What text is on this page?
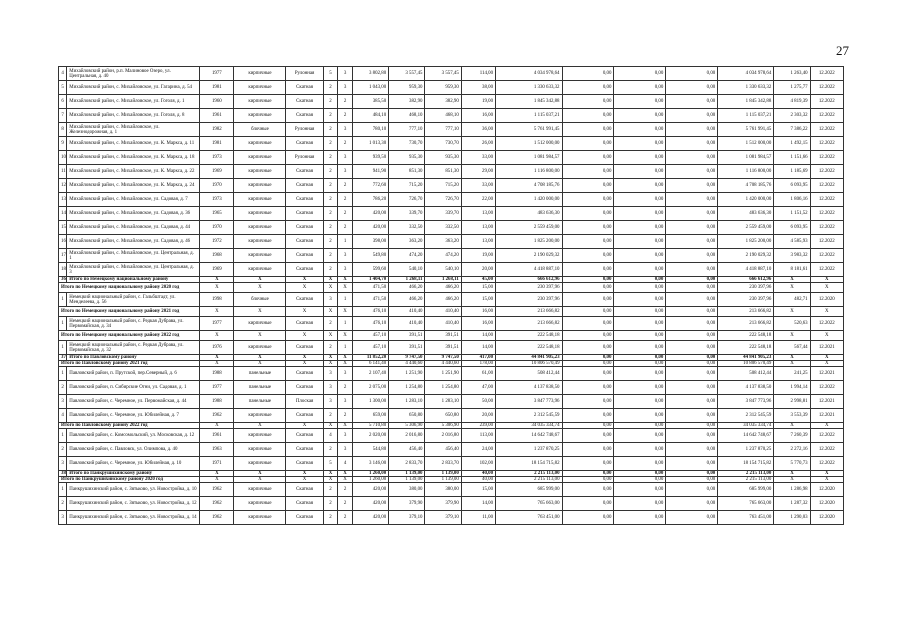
27
4	Михайловский район, р.п. Малиновое Озеро, ул. Центральная, д. 40	1977	кирпичные	Рулонная	5	3	3 802,80	3 557,45	3 557,45	114,00	4 034 978,64	0,00	0,00	0,00	4 034 978,64	1 263,40	12.2022
5	Михайловский район, с. Михайловское, ул. Гагарина, д. 54	1981	кирпичные	Скатная	2	3	1 043,00	959,30	959,30	38,00	1 330 633,32	0,00	0,00	0,00	1 330 633,32	1 275,77	12.2022
6	Михайловский район, с. Михайловское, ул. Гоголя, д. 1	1960	кирпичные	Скатная	2	2	385,50	382,90	382,90	19,00	1 845 342,88	0,00	0,00	0,00	1 845 342,88	4 819,39	12.2022
7	Михайловский район, с. Михайловское, ул. Гоголя, д. 8	1961	кирпичные	Скатная	2	2	484,10	468,10	468,10	16,00	1 115 037,21	0,00	0,00	0,00	1 115 037,21	2 303,32	12.2022
8	Михайловский район, с. Михайловское, ул. Железнодорожная, д. 1	1982	блочные	Рулонная	2	3	780,10	777,10	777,10	36,00	5 761 991,45	0,00	0,00	0,00	5 761 991,45	7 386,22	12.2022
9	Михайловский район, с. Михайловское, ул. К. Маркса, д. 11	1981	кирпичные	Скатная	2	2	1 013,30	730,70	730,70	26,00	1 512 000,00	0,00	0,00	0,00	1 512 000,00	1 492,15	12.2022
10	Михайловский район, с. Михайловское, ул. К. Маркса, д. 18	1973	кирпичные	Рулонная	2	3	939,50	935,30	935,30	33,00	1 081 984,57	0,00	0,00	0,00	1 081 984,57	1 151,66	12.2022
11	Михайловский район, с. Михайловское, ул. К. Маркса, д. 22	1969	кирпичные	Скатная	2	3	941,90	851,30	851,30	29,00	1 116 800,00	0,00	0,00	0,00	1 116 800,00	1 185,69	12.2022
12	Михайловский район, с. Михайловское, ул. К. Маркса, д. 24	1970	кирпичные	Скатная	2	2	772,60	715,20	715,20	33,00	4 708 185,76	0,00	0,00	0,00	4 708 185,76	6 093,95	12.2022
13	Михайловский район, с. Михайловское, ул. Садовая, д. 7	1973	кирпичные	Скатная	2	2	786,20	726,70	726,70	22,00	1 420 000,00	0,00	0,00	0,00	1 420 000,00	1 806,16	12.2022
14	Михайловский район, с. Михайловское, ул. Садовая, д. 36	1965	кирпичные	Скатная	2	2	420,00	339,70	339,70	13,00	483 636,30	0,00	0,00	0,00	483 636,30	1 151,52	12.2022
15	Михайловский район, с. Михайловское, ул. Садовая, д. 44	1970	кирпичные	Скатная	2	2	420,00	332,50	332,50	13,00	2 559 459,00	0,00	0,00	0,00	2 559 459,00	6 093,95	12.2022
16	Михайловский район, с. Михайловское, ул. Садовая, д. 46	1972	кирпичные	Скатная	2	1	398,00	363,20	363,20	13,00	1 825 200,00	0,00	0,00	0,00	1 825 200,00	4 585,93	12.2022
17	Михайловский район, с. Михайловское, ул. Центральная, д. 1	1968	кирпичные	Скатная	2	3	549,80	474,20	474,20	19,00	2 190 029,32	0,00	0,00	0,00	2 190 029,32	3 983,32	12.2022
18	Михайловский район, с. Михайловское, ул. Центральная, д. 3	1969	кирпичные	Скатная	2	3	599,60	540,10	540,10	20,00	4 418 887,10	0,00	0,00	0,00	4 418 887,10	8 181,61	12.2022
36	Итого по Немецкому национальному району	X	X	X	X	X	1 404,70	1 268,11	1 268,11	45,00	666 612,96	0,00	0,00	0,00	666 612,96	X	X
Итого по Немецкому национальному району 2020 год		X	X	X	X	X	471,50	466,20	466,20	15,00	230 397,96	0,00	0,00	0,00	230 397,96	X	X
1	Немецкий национальный район, с. Гальбштадт, ул. Менделеева, д. 56	1998	блочные	Скатная	3	1	471,50	466,20	466,20	15,00	230 397,96	0,00	0,00	0,00	230 397,96	482,71	12.2020
Итого по Немецкому национальному району 2021 год		X	X	X	X	X	476,10	410,40	410,40	16,00	213 666,82	0,00	0,00	0,00	213 666,82	X	X
1	Немецкий национальный район, с. Редкая Дубрава, ул. Первомайская, д. 34	1977	кирпичные	Скатная	2	1	476,10	410,40	410,40	16,00	213 666,82	0,00	0,00	0,00	213 666,82	520,63	12.2022
Итого по Немецкому национальному району 2022 год		X	X	X	X	X	457,10	391,51	391,51	14,00	222 548,18	0,00	0,00	0,00	222 548,18	X	X
1	Немецкий национальный район, с. Редкая Дубрава, ул. Первомайская, д. 32	1976	кирпичные	Скатная	2	1	457,10	391,51	391,51	14,00	222 548,18	0,00	0,00	0,00	222 548,18	567,44	12.2021
37	Итого по Павловскому району	X	X	X	X	X	11 852,20	9 747,50	9 747,50	417,00	44 841 905,23	0,00	0,00	0,00	44 841 905,23	X	X
Итого по Павловскому району 2021 год		X	X	X	X	X	6 141,40	4 440,60	4 440,60	178,00	10 806 570,49	0,00	0,00	0,00	10 806 570,49	X	X
1	Павловский район, п. Прутской, пер.Северный, д. 6	1988	панельные	Скатная	3	3	2 107,40	1 251,90	1 251,90	61,00	508 412,44	0,00	0,00	0,00	508 412,44	241,25	12.2021
2	Павловский район, п. Сибирские Огни, ул. Садовая, д. 1	1977	панельные	Скатная	3	2	2 075,00	1 254,80	1 254,80	47,00	4 137 838,50	0,00	0,00	0,00	4 137 838,50	1 994,14	12.2022
3	Павловский район, с. Черемное, ул. Первомайская, д. 44	1988	панельные	Плоская	3	3	1 300,00	1 283,10	1 283,10	50,00	3 847 773,96	0,00	0,00	0,00	3 847 773,96	2 998,81	12.2021
4	Павловский район, с. Черемное, ул. Юбилейная, д. 7	1962	кирпичные	Скатная	2	2	659,00	650,80	650,80	20,00	2 312 545,59	0,00	0,00	0,00	2 312 545,59	3 553,39	12.2021
Итого по Павловскому району 2022 год		X	X	X	X	X	5 710,80	5 306,90	5 306,90	239,00	34 035 334,74	0,00	0,00	0,00	34 035 334,74	X	X
1	Павловский район, с. Комсомольский, ул. Московская, д. 12	1961	кирпичные	Скатная	4	3	2 020,00	2 016,80	2 016,80	113,00	14 642 748,67	0,00	0,00	0,00	14 642 748,67	7 260,39	12.2022
2	Павловский район, с. Павловск, ул. Олимпова, д. 40	1963	кирпичные	Скатная	2	3	544,80	456,40	456,40	24,00	1 237 870,25	0,00	0,00	0,00	1 237 870,25	2 272,16	12.2022
3	Павловский район, с. Черемное, ул. Юбилейная, д. 10	1971	кирпичные	Скатная	5	4	3 146,00	2 833,70	2 833,70	102,00	18 154 715,82	0,00	0,00	0,00	18 154 715,82	5 770,73	12.2022
38	Итого по Панкрушихинскому району	X	X	X	X	X	1 260,00	1 139,00	1 139,00	40,00	2 215 113,00	0,00	0,00	0,00	2 215 113,00	X	X
Итого по Панкрушихинскому району 2020 год		X	X	X	X	X	1 260,00	1 139,00	1 139,00	40,00	2 215 113,00	0,00	0,00	0,00	2 215 113,00	X	X
1	Панкрушихинский район, с. Зятьково, ул. Новостройка, д. 10	1962	кирпичные	Скатная	2	2	420,00	380,00	380,00	15,00	685 999,00	0,00	0,00	0,00	685 999,00	1 286,98	12.2020
2	Панкрушихинский район, с. Зятьково, ул. Новостройка, д. 12	1962	кирпичные	Скатная	2	2	420,00	379,90	379,90	14,00	765 663,00	0,00	0,00	0,00	765 663,00	1 287,32	12.2020
3	Панкрушихинский район, с. Зятьково, ул. Новостройка, д. 14	1962	кирпичные	Скатная	2	2	420,00	379,10	379,10	11,00	763 451,00	0,00	0,00	0,00	763 451,00	1 290,03	12.2020
